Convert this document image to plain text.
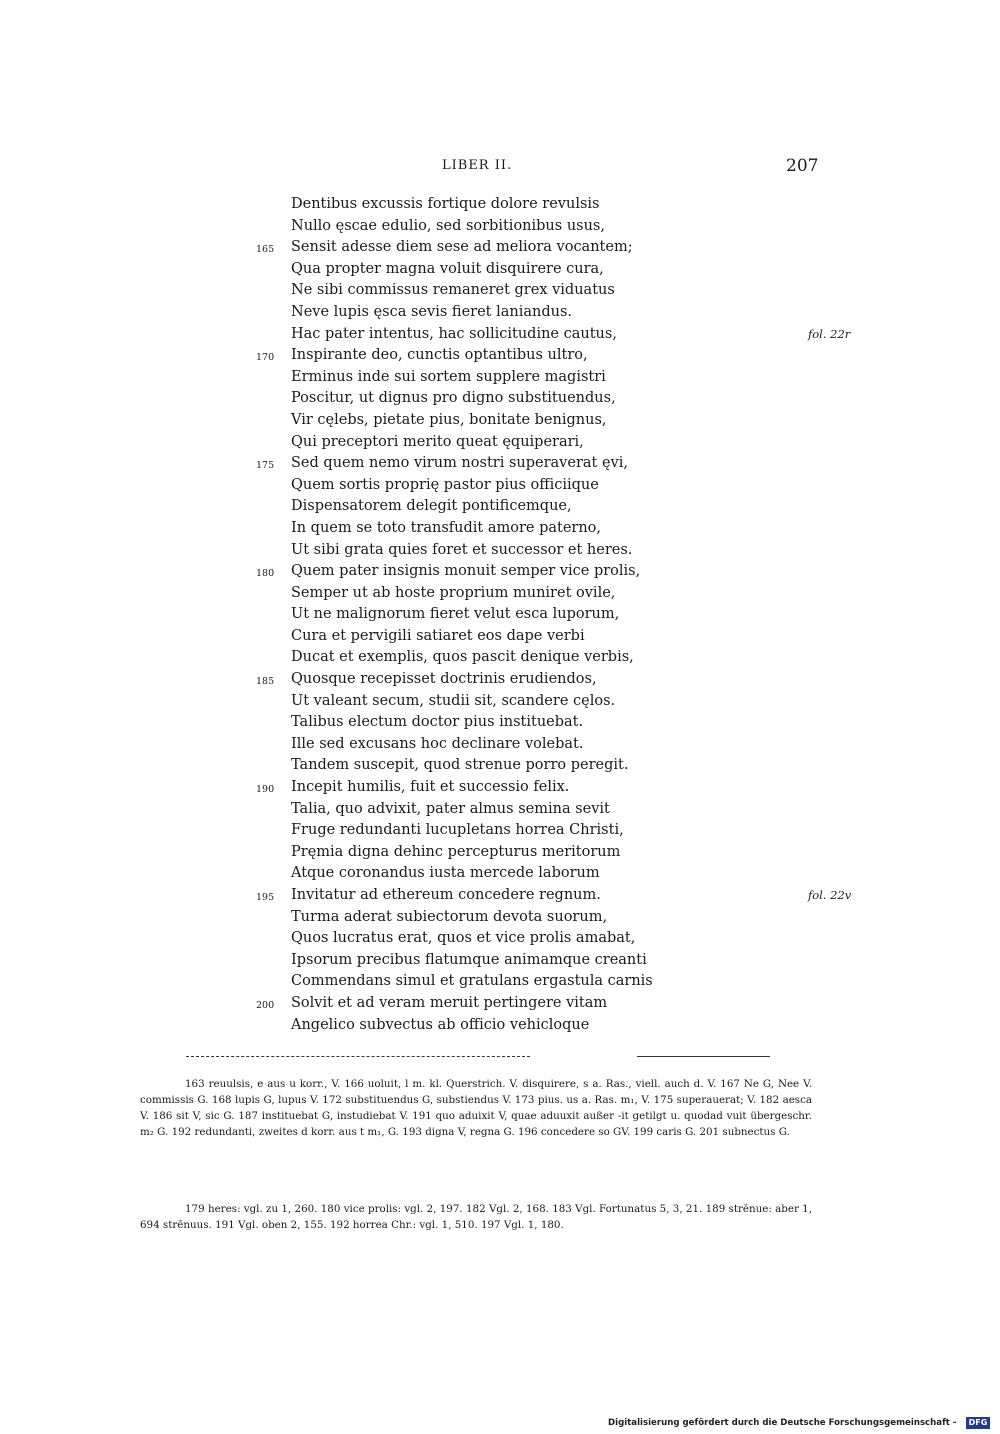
LIBER II.	207
Dentibus excussis fortique dolore revulsis
Nullo ęscae edulio, sed sorbitionibus usus,
165 Sensit adesse diem sese ad meliora vocantem;
Qua propter magna voluit disquirere cura,
Ne sibi commissus remaneret grex viduatus
Neve lupis ęsca sevis fieret laniandus.
Hac pater intentus, hac sollicitudine cautus,	fol. 22r
170 Inspirante deo, cunctis optantibus ultro,
Erminus inde sui sortem supplere magistri
Poscitur, ut dignus pro digno substituendus,
Vir cęlebs, pietate pius, bonitate benignus,
Qui preceptori merito queat ęquiperari,
175 Sed quem nemo virum nostri superaverat ęvi,
Quem sortis proprię pastor pius officiique
Dispensatorem delegit pontificemque,
In quem se toto transfudit amore paterno,
Ut sibi grata quies foret et successor et heres.
180 Quem pater insignis monuit semper vice prolis,
Semper ut ab hoste proprium muniret ovile,
Ut ne malignorum fieret velut esca luporum,
Cura et pervigili satiaret eos dape verbi
Ducat et exemplis, quos pascit denique verbis,
185 Quosque recepisset doctrinis erudiendos,
Ut valeant secum, studii sit, scandere cęlos.
Talibus electum doctor pius instituebat.
Ille sed excusans hoc declinare volebat.
Tandem suscepit, quod strenue porro peregit.
190 Incepit humilis, fuit et successio felix.
Talia, quo advixit, pater almus semina sevit
Fruge redundanti lucupletans horrea Christi,
Pręmia digna dehinc percepturus meritorum
Atque coronandus iusta mercede laborum
195 Invitatur ad ethereum concedere regnum.	fol. 22v
Turma aderat subiectorum devota suorum,
Quos lucratus erat, quos et vice prolis amabat,
Ipsorum precibus flatumque animamque creanti
Commendans simul et gratulans ergastula carnis
200 Solvit et ad veram meruit pertingere vitam
Angelico subvectus ab officio vehicloque

163 reuulsis, e aus u korr., V. 166 uoluit, l m. kl. Querstrich. V. disquirere, s a. Ras., viell. auch d. V. 167 Ne G, Nee V. commissis G. 168 lupis G, lupus V. 172 substituendus G, substiendus V. 173 pius. us a. Ras. m₁, V. 175 superauerat; V. 182 aesca V. 186 sit V, sic G. 187 instituebat G, instudiebat V. 191 quo aduixit V, quae aduuxit außer -it getilgt u. quodad vuit übergeschr. m₂ G. 192 redundanti, zweites d korr. aus t m₁, G. 193 digna V, regna G. 196 concedere so GV. 199 caris G. 201 subnectus G.

179 heres: vgl. zu 1, 260. 180 vice prolis: vgl. 2, 197. 182 Vgl. 2, 168. 183 Vgl. Fortunatus 5, 3, 21. 189 strēnue: aber 1, 694 strēnuus. 191 Vgl. oben 2, 155. 192 horrea Chr.: vgl. 1, 510. 197 Vgl. 1, 180.

Digitalisierung gefördert durch die Deutsche Forschungsgemeinschaft -	DFG
